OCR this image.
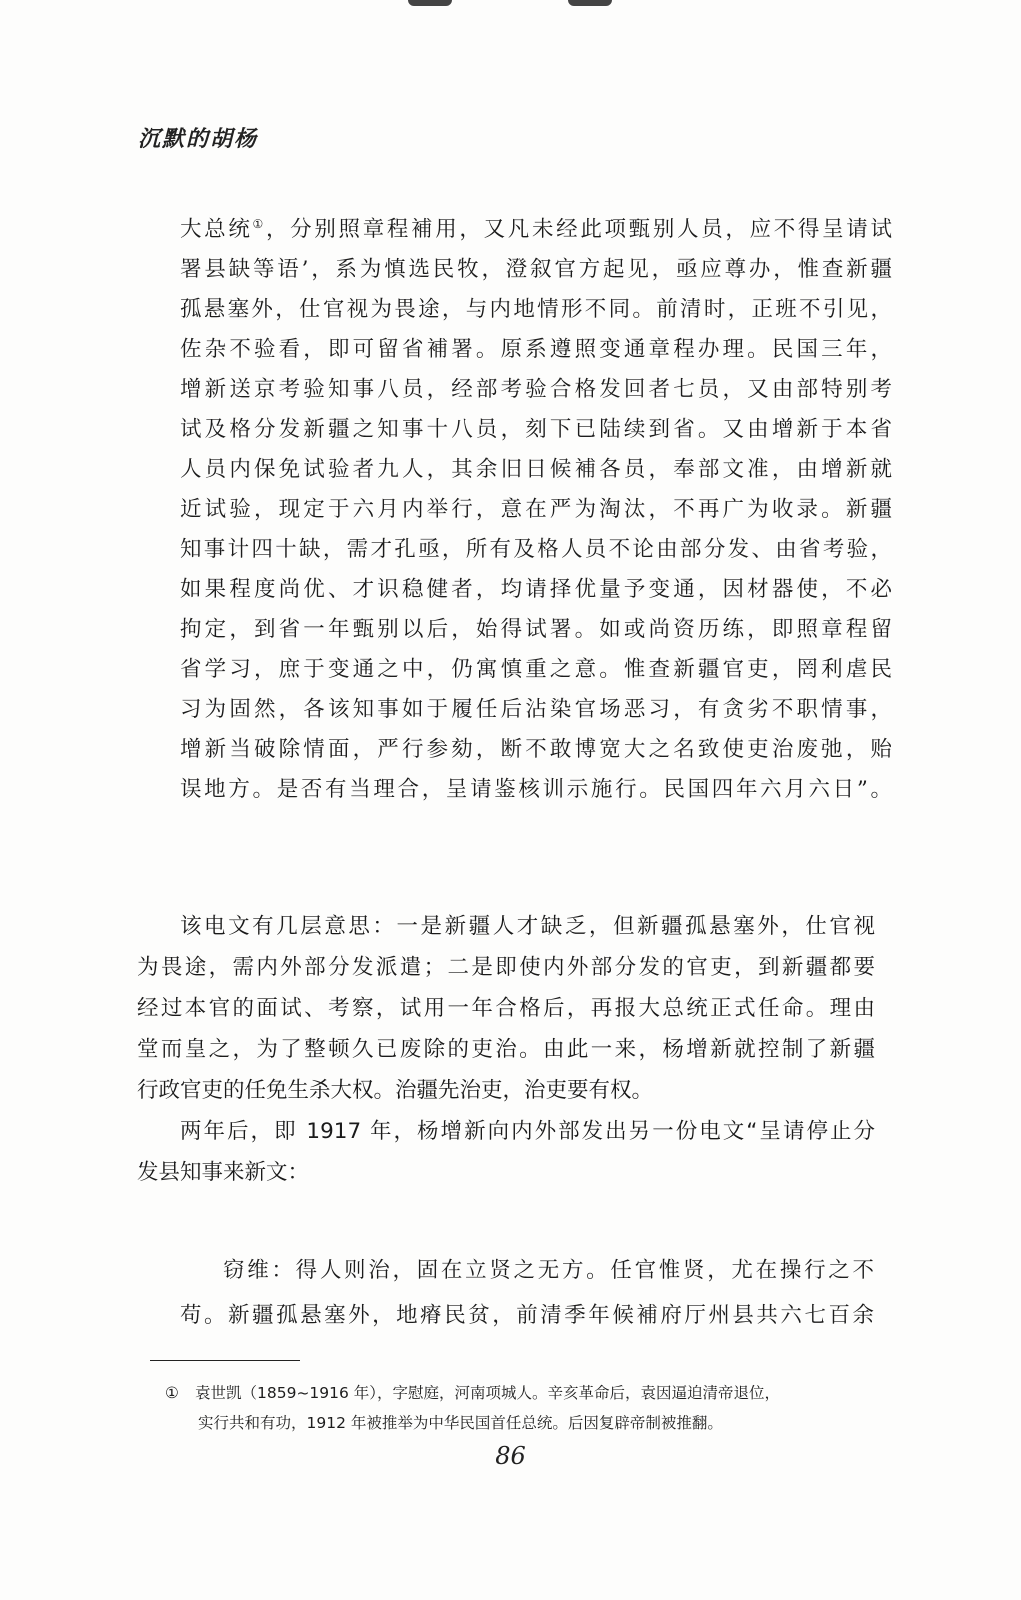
沉默的胡杨
大总统①，分别照章程補用，又凡未经此项甄别人员，应不得呈请试
署县缺等语’，系为慎选民牧，澄叙官方起见，亟应尊办，惟查新疆
孤悬塞外，仕官视为畏途，与内地情形不同。前清时，正班不引见，
佐杂不验看，即可留省補署。原系遵照变通章程办理。民国三年，
增新送京考验知事八员，经部考验合格发回者七员，又由部特别考
试及格分发新疆之知事十八员，刻下已陆续到省。又由增新于本省
人员内保免试验者九人，其余旧日候補各员，奉部文准，由增新就
近试验，现定于六月内举行，意在严为淘汰，不再广为收录。新疆
知事计四十缺，需才孔亟，所有及格人员不论由部分发、由省考验，
如果程度尚优、才识稳健者，均请择优量予变通，因材器使，不必
拘定，到省一年甄别以后，始得试署。如或尚资历练，即照章程留
省学习，庶于变通之中，仍寓慎重之意。惟查新疆官吏，罔利虐民
习为固然，各该知事如于履任后沾染官场恶习，有贪劣不职情事，
增新当破除情面，严行参劾，断不敢博宽大之名致使吏治废弛，贻
误地方。是否有当理合，呈请鉴核训示施行。民国四年六月六日”。
该电文有几层意思：一是新疆人才缺乏，但新疆孤悬塞外，仕官视
为畏途，需内外部分发派遣；二是即使内外部分发的官吏，到新疆都要
经过本官的面试、考察，试用一年合格后，再报大总统正式任命。理由
堂而皇之，为了整顿久已废除的吏治。由此一来，杨增新就控制了新疆
行政官吏的任免生杀大权。治疆先治吏，治吏要有权。
两年后，即 1917 年，杨增新向内外部发出另一份电文“呈请停止分
发县知事来新文：
窃维：得人则治，固在立贤之无方。任官惟贤，尤在操行之不
苟。新疆孤悬塞外，地瘠民贫，前清季年候補府厅州县共六七百余
① 袁世凯（1859~1916 年），字慰庭，河南项城人。辛亥革命后，袁因逼迫清帝退位，
实行共和有功，1912 年被推举为中华民国首任总统。后因复辟帝制被推翻。
86
